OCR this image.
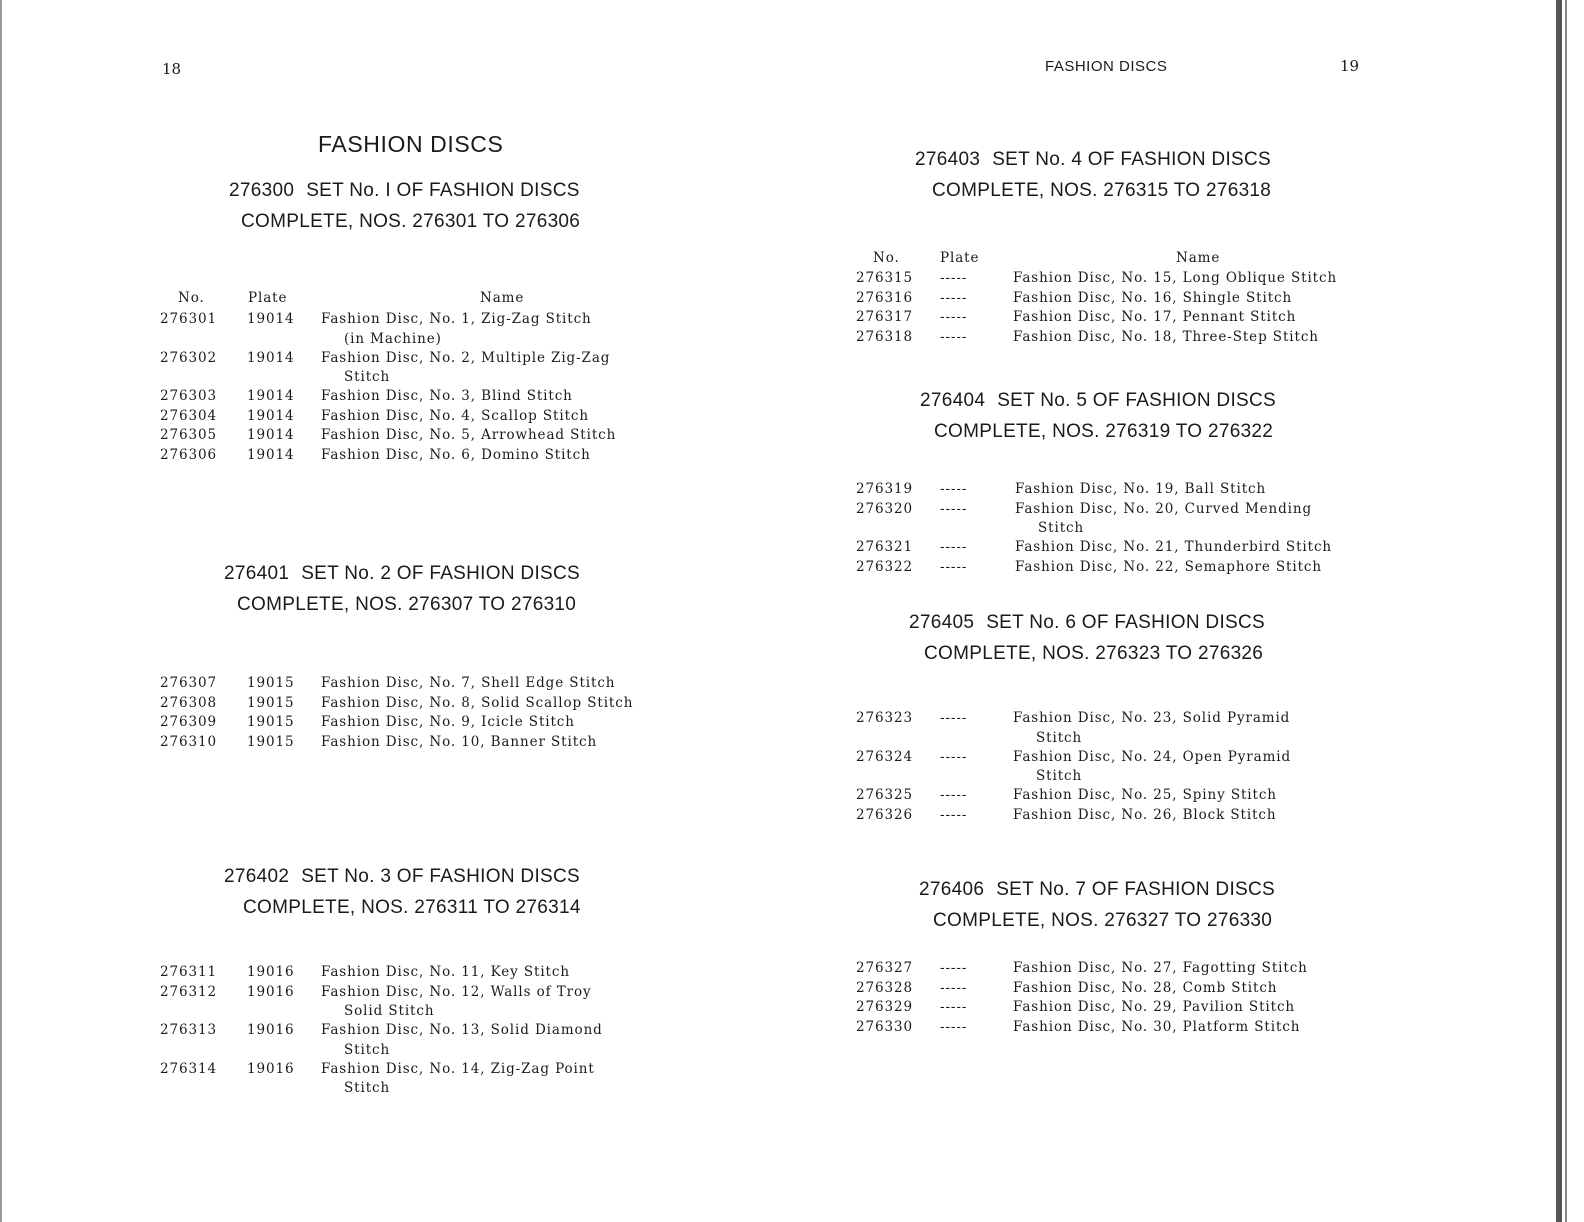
18
FASHION DISCS
276300 SET No. I OF FASHION DISCS
COMPLETE, NOS. 276301 TO 276306
No.	Plate	Name
276301 19014 Fashion Disc, No. 1, Zig-Zag Stitch
(in Machine)
276302 19014 Fashion Disc, No. 2, Multiple Zig-Zag
Stitch
276303 19014 Fashion Disc, No. 3, Blind Stitch
276304 19014 Fashion Disc, No. 4, Scallop Stitch
276305 19014 Fashion Disc, No. 5, Arrowhead Stitch
276306 19014 Fashion Disc, No. 6, Domino Stitch
276401 SET No. 2 OF FASHION DISCS
COMPLETE, NOS. 276307 TO 276310
276307 19015 Fashion Disc, No. 7, Shell Edge Stitch
276308 19015 Fashion Disc, No. 8, Solid Scallop Stitch
276309 19015 Fashion Disc, No. 9, Icicle Stitch
276310 19015 Fashion Disc, No. 10, Banner Stitch
276402 SET No. 3 OF FASHION DISCS
COMPLETE, NOS. 276311 TO 276314
276311 19016 Fashion Disc, No. 11, Key Stitch
276312 19016 Fashion Disc, No. 12, Walls of Troy
Solid Stitch
276313 19016 Fashion Disc, No. 13, Solid Diamond
Stitch
276314 19016 Fashion Disc, No. 14, Zig-Zag Point
Stitch
FASHION DISCS	19
276403 SET No. 4 OF FASHION DISCS
COMPLETE, NOS. 276315 TO 276318
No.	Plate	Name
276315 -----	Fashion Disc, No. 15, Long Oblique Stitch
276316 -----	Fashion Disc, No. 16, Shingle Stitch
276317 -----	Fashion Disc, No. 17, Pennant Stitch
276318 -----	Fashion Disc, No. 18, Three-Step Stitch
276404 SET No. 5 OF FASHION DISCS
COMPLETE, NOS. 276319 TO 276322
276319 -----	Fashion Disc, No. 19, Ball Stitch
276320 -----	Fashion Disc, No. 20, Curved Mending
Stitch
276321 -----	Fashion Disc, No. 21, Thunderbird Stitch
276322 -----	Fashion Disc, No. 22, Semaphore Stitch
276405 SET No. 6 OF FASHION DISCS
COMPLETE, NOS. 276323 TO 276326
276323 -----	Fashion Disc, No. 23, Solid Pyramid
Stitch
276324 -----	Fashion Disc, No. 24, Open Pyramid
Stitch
276325 -----	Fashion Disc, No. 25, Spiny Stitch
276326 -----	Fashion Disc, No. 26, Block Stitch
276406 SET No. 7 OF FASHION DISCS
COMPLETE, NOS. 276327 TO 276330
276327 -----	Fashion Disc, No. 27, Fagotting Stitch
276328 -----	Fashion Disc, No. 28, Comb Stitch
276329 -----	Fashion Disc, No. 29, Pavilion Stitch
276330 -----	Fashion Disc, No. 30, Platform Stitch
